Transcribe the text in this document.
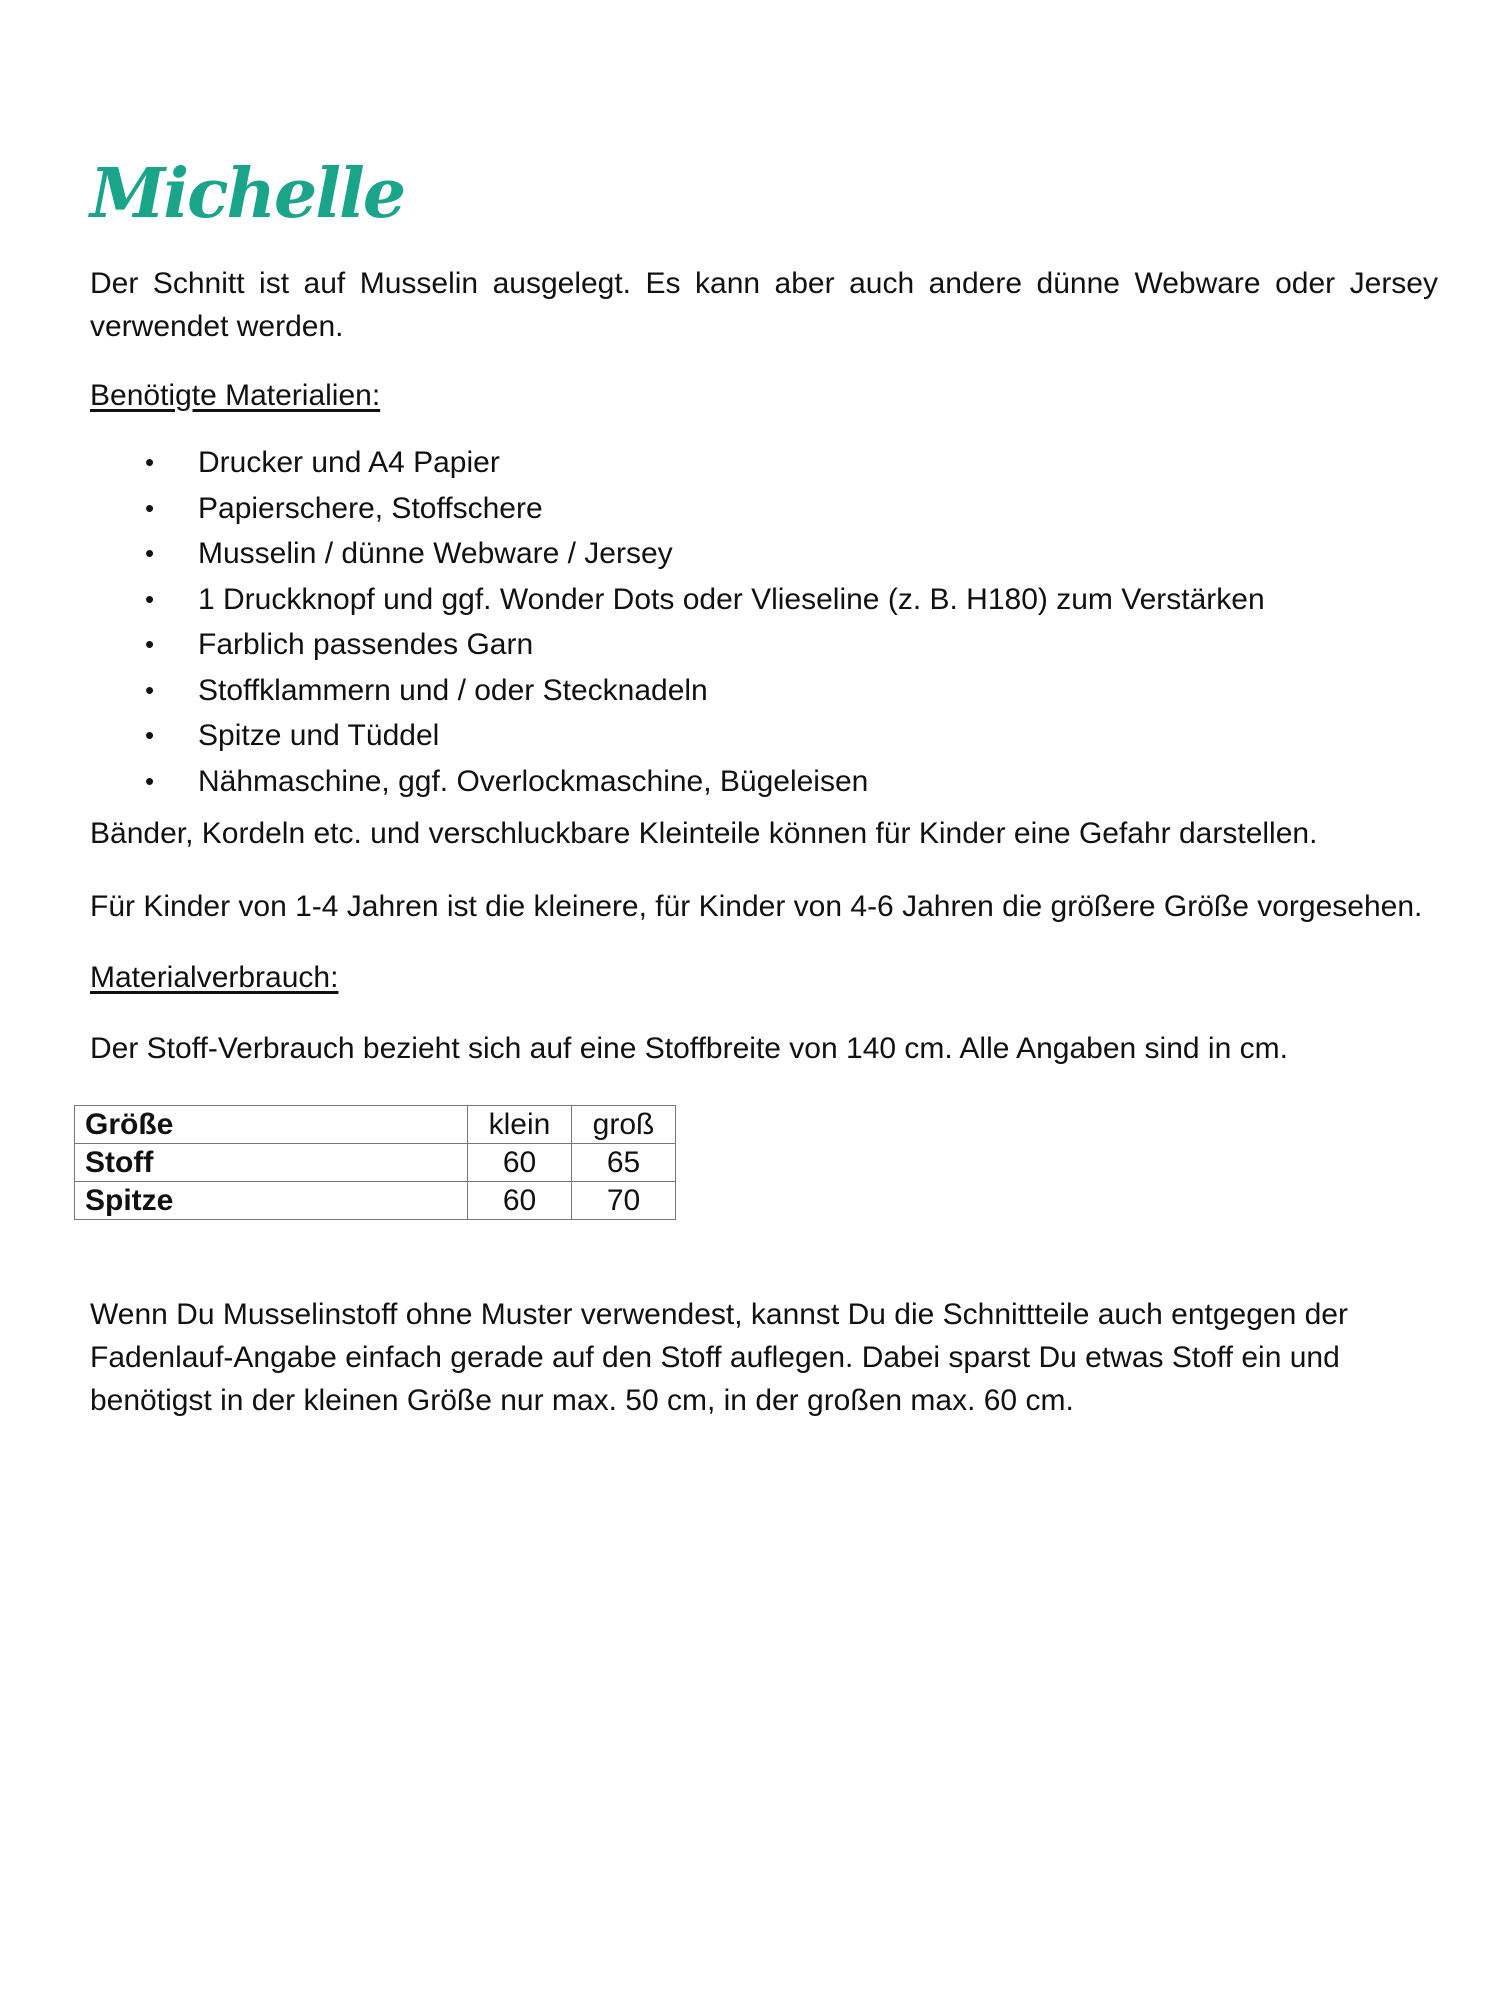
Michelle

Der Schnitt ist auf Musselin ausgelegt. Es kann aber auch andere dünne Webware oder Jersey verwendet werden.

Benötigte Materialien:

• Drucker und A4 Papier
• Papierschere, Stoffschere
• Musselin / dünne Webware / Jersey
• 1 Druckknopf und ggf. Wonder Dots oder Vlieseline (z. B. H180) zum Verstärken
• Farblich passendes Garn
• Stoffklammern und / oder Stecknadeln
• Spitze und Tüddel
• Nähmaschine, ggf. Overlockmaschine, Bügeleisen

Bänder, Kordeln etc. und verschluckbare Kleinteile können für Kinder eine Gefahr darstellen.

Für Kinder von 1-4 Jahren ist die kleinere, für Kinder von 4-6 Jahren die größere Größe vorgesehen.

Materialverbrauch:

Der Stoff-Verbrauch bezieht sich auf eine Stoffbreite von 140 cm. Alle Angaben sind in cm.

Größe	klein	groß
Stoff	60	65
Spitze	60	70

Wenn Du Musselinstoff ohne Muster verwendest, kannst Du die Schnittteile auch entgegen der Fadenlauf-Angabe einfach gerade auf den Stoff auflegen. Dabei sparst Du etwas Stoff ein und benötigst in der kleinen Größe nur max. 50 cm, in der großen max. 60 cm.
